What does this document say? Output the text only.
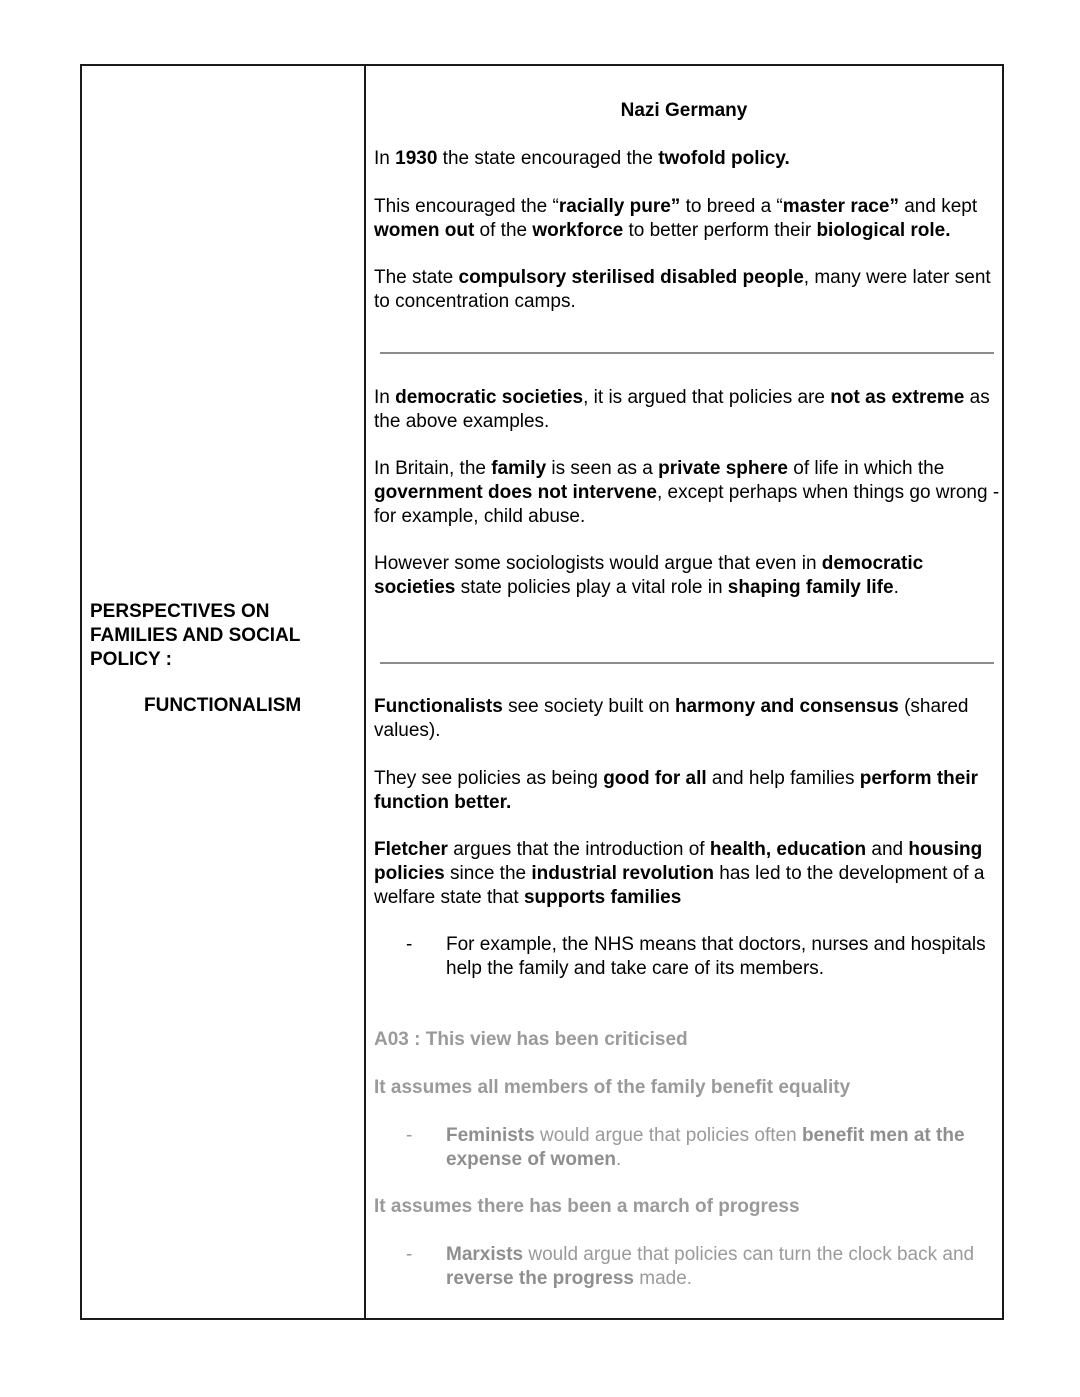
PERSPECTIVES ON FAMILIES AND SOCIAL POLICY :
FUNCTIONALISM
Nazi Germany

In 1930 the state encouraged the twofold policy.

This encouraged the “racially pure” to breed a “master race” and kept women out of the workforce to better perform their biological role.

The state compulsory sterilised disabled people, many were later sent to concentration camps.

In democratic societies, it is argued that policies are not as extreme as the above examples.

In Britain, the family is seen as a private sphere of life in which the government does not intervene, except perhaps when things go wrong - for example, child abuse.

However some sociologists would argue that even in democratic societies state policies play a vital role in shaping family life.

Functionalists see society built on harmony and consensus (shared values).

They see policies as being good for all and help families perform their function better.

Fletcher argues that the introduction of health, education and housing policies since the industrial revolution has led to the development of a welfare state that supports families

- For example, the NHS means that doctors, nurses and hospitals help the family and take care of its members.

A03 : This view has been criticised

It assumes all members of the family benefit equality

- Feminists would argue that policies often benefit men at the expense of women.

It assumes there has been a march of progress

- Marxists would argue that policies can turn the clock back and reverse the progress made.
